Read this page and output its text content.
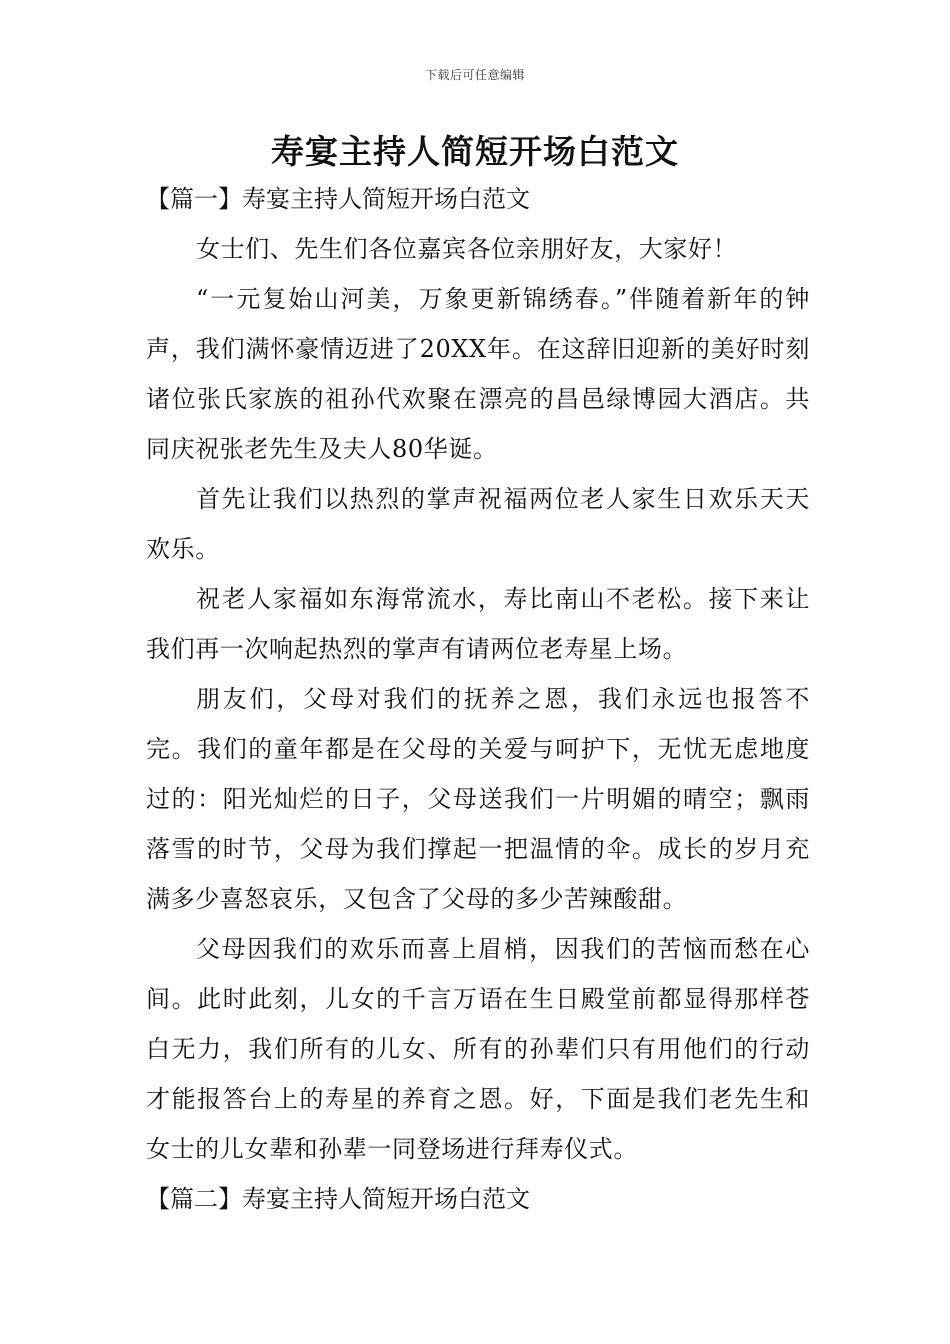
下载后可任意编辑
寿宴主持人简短开场白范文
【篇一】寿宴主持人简短开场白范文

女士们、先生们各位嘉宾各位亲朋好友，大家好！

“一元复始山河美，万象更新锦绣春。”伴随着新年的钟声，我们满怀豪情迈进了20XX年。在这辞旧迎新的美好时刻诸位张氏家族的祖孙代欢聚在漂亮的昌邑绿博园大酒店。共同庆祝张老先生及夫人80华诞。

首先让我们以热烈的掌声祝福两位老人家生日欢乐天天欢乐。

祝老人家福如东海常流水，寿比南山不老松。接下来让我们再一次响起热烈的掌声有请两位老寿星上场。

朋友们，父母对我们的抚养之恩，我们永远也报答不完。我们的童年都是在父母的关爱与呵护下，无忧无虑地度过的：阳光灿烂的日子，父母送我们一片明媚的晴空；飘雨落雪的时节，父母为我们撑起一把温情的伞。成长的岁月充满多少喜怒哀乐，又包含了父母的多少苦辣酸甜。

父母因我们的欢乐而喜上眉梢，因我们的苦恼而愁在心间。此时此刻，儿女的千言万语在生日殿堂前都显得那样苍白无力，我们所有的儿女、所有的孙辈们只有用他们的行动才能报答台上的寿星的养育之恩。好，下面是我们老先生和女士的儿女辈和孙辈一同登场进行拜寿仪式。

【篇二】寿宴主持人简短开场白范文
